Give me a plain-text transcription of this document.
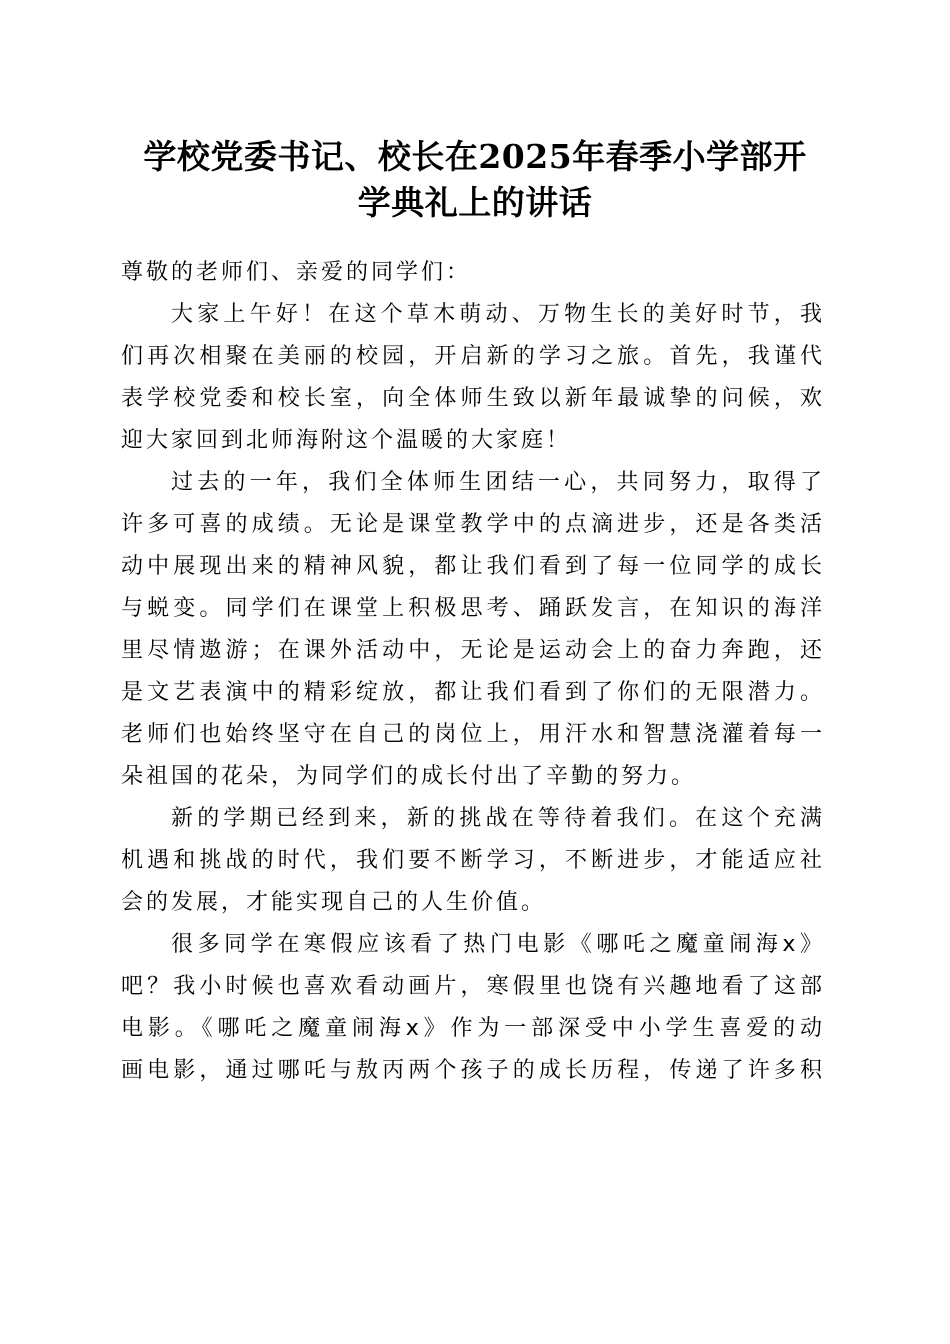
学校党委书记、校长在2025年春季小学部开
学典礼上的讲话

尊敬的老师们、亲爱的同学们：

大家上午好！在这个草木萌动、万物生长的美好时节，我
们再次相聚在美丽的校园，开启新的学习之旅。首先，我谨代
表学校党委和校长室，向全体师生致以新年最诚挚的问候，欢
迎大家回到北师海附这个温暖的大家庭！

过去的一年，我们全体师生团结一心，共同努力，取得了
许多可喜的成绩。无论是课堂教学中的点滴进步，还是各类活
动中展现出来的精神风貌，都让我们看到了每一位同学的成长
与蜕变。同学们在课堂上积极思考、踊跃发言，在知识的海洋
里尽情遨游；在课外活动中，无论是运动会上的奋力奔跑，还
是文艺表演中的精彩绽放，都让我们看到了你们的无限潜力。
老师们也始终坚守在自己的岗位上，用汗水和智慧浇灌着每一
朵祖国的花朵，为同学们的成长付出了辛勤的努力。

新的学期已经到来，新的挑战在等待着我们。在这个充满
机遇和挑战的时代，我们要不断学习，不断进步，才能适应社
会的发展，才能实现自己的人生价值。

很多同学在寒假应该看了热门电影《哪吒之魔童闹海x》
吧？我小时候也喜欢看动画片，寒假里也饶有兴趣地看了这部
电影。《哪吒之魔童闹海x》作为一部深受中小学生喜爱的动
画电影，通过哪吒与敖丙两个孩子的成长历程，传递了许多积
